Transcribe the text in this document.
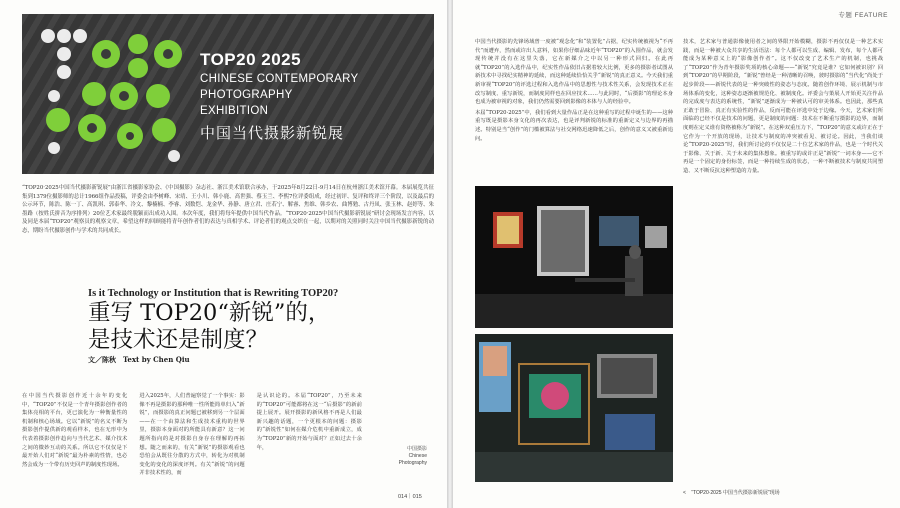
TOP20 2025
CHINESE CONTEMPORARY
PHOTOGRAPHY
EXHIBITION
中国当代摄影新锐展

“TOP20·2025中国当代摄影新锐展”由浙江省摄影家协会、《中国摄影》杂志社、浙江美术馆联合承办，于2025年8月22日-9月14日在杭州浙江美术馆开幕。本届展览共征集到1379位摄影师的总计1966组作品投稿，评委会由李树峰、宋靖、王小川、韩小鹿、高世强、蔡玉兰、李熙7位评委组成，经过初评、复评和终评三个阶段，以及最后的公示环节，陈浩、陈一丁、高凯琪、郭泰华、冷文、黎楠楠、李睿、刘数恺、龙金华、孙静、唐立君、庄若宁、解睿、焦维、韩乡农、曲博勉、古丹凤、张玉林、赵婷等、朱墨路（按姓氏拼音为序排列）20位艺术家最终脱颖而出成功入围。本次年度，我们将每年提供中国当代作品。“TOP20·2025中国当代摄影新锐展”研讨会现场发言内容，以及同是本届“TOP20”观察员的观察文章，希望这样的回顾能将青年创作者们的表达与真相学术、评论者们的观点交织在一起，以期对的关照同时关注中国当代摄影新锐的动态，期盼当代摄影创作与学术的共同成长。

Is it Technology or Institution that is Rewriting TOP20?
重写 TOP20“新锐”的，
是技术还是制度？
文／陈秋　Text by Chen Qiu

在中国当代摄影创作近十余年的变化中，“TOP20”不仅是一个青年摄影创作者的集体亮相的平台，更已演化为一种衡量性的机制和核心场域。它以“新锐”的名义不断为摄影创作提供新的观看样本，也在无形中为代表着摄影创作趋向与当代艺术、媒介技术之间的微妙互动的关系。所以它不仅仅是下最开始人们对“新锐”最为朴素的性情，也必然会成为一个带有历史回声的制度性现场。

进入2025年，人们普遍察觉了一个事实：影像不再是摄影的那种唯一性所能简单归入“新锐”，而摄影的真正问题已被移到另一个层面——在一个由算法和生成技术重构的世界里，摄影本身面对的所能具有新意？这一问题所指向的是对摄影自身存在理解的再拓想。随之而来的，有关“新锐”的摄影观看也恐怕会从既往分散的方式中，转化为对机制变化的变化的深度评判。有关“新锐”的问题并非技术性的，而

是认识论的。本届“TOP20”，乃至未来的“TOP20”可能都将在这一“后摄影”的新前提上展开。展开摄影的新风格不再是人们最新兴趣的话题，一个更根本的问题：摄影的“新锐性”如何在媒介危机中重新成立，成为“TOP20”新的开始与面对？正如过去十余年，	中国摄影
Chinese
Photography
014｜015
专题 FEATURE

中国当代摄影的先锋场域曾一度被“观念化”和“装置化”占据，纪实传统被视为“不再代”而遭弃，然而或许出人意料，如果你仔细品味近年“TOP20”的入围作品，就会发现传统并没有在这里失落，它在新媒介之中以另一种形式回归。在此再就“TOP20”的入选作品中，纪实性作品依旧占据着较大比例，更多的摄影者试图从新技术中寻找纪实精神的延续，而这种延续恰恰关乎“新锐”的真正意义。今天我们重新审视“TOP20”的评选过程和入选作品中的思想性与技术性关系，会发现技术正在改写制度、重写新锐，而制度同样也在回应技术……与此同时，“后摄影”的理论本身也成为被审视的对象，我们仍然需要回到影像的本体与人的经验中。

本届“TOP20·2025”中，我们看到大量作品正是在这种重写的过程中诞生的——这种重写既是摄影本身文化的再次表达，也是评判新锐的标准的重新定义与边界的再描述。特别是当“创作”的门槛被算法与社交网络迅速降低之后，创作的意义又被重新追问。

技术，艺术家与普通影像使用者之间的界限开始模糊，摄影不再仅仅是一种艺术实践，而是一种被大众共享的生活语法：每个人都可以生成、编辑、发布，每个人都可能成为某种意义上的“影像创作者”。这不仅改变了艺术生产的机制，也挑战了“TOP20”作为青年摄影奖项的核心命题——“新锐”究竟是谁？它如何被识别？回到“TOP20”的早期阶段，“新锐”曾经是一种清晰的召唤，彼时摄影的“当代化”尚处于起步阶段——新锐代表的是一种突破性的姿态与态度。随着创作环境、展示机制与市场体系的变化，这种姿态逐渐被规范化、被制度化。评委会与策展人开始更关注作品的完成度与表达的系统性，“新锐”逐渐成为一种被认可的审美体系。也因此，那些真正敢于冒险、真正有实验性的作品，反而可能在评选中处于边缘。今天，艺术家们所面临的已经不仅是技术的问题，更是制度的问题：技术在不断重写摄影的边界，而制度则在定义谁有资格被称为“新锐”。在这种双重压力下，“TOP20”的意义或许正在于它作为一个开放的现场，让技术与制度的冲突被看见、被讨论。因此，当我们谈论“TOP20·2025”时，我们所讨论的不仅仅是二十位艺术家的作品，也是一个时代关于影像、关于新、关于未来的集体想象。被重写的或许正是“新锐”一词本身——它不再是一个固定的身份标签，而是一种持续生成的状态，一种不断被技术与制度共同塑造、又不断反抗这种塑造的力量。

< “TOP20·2025 中国当代摄影新锐展”现场
